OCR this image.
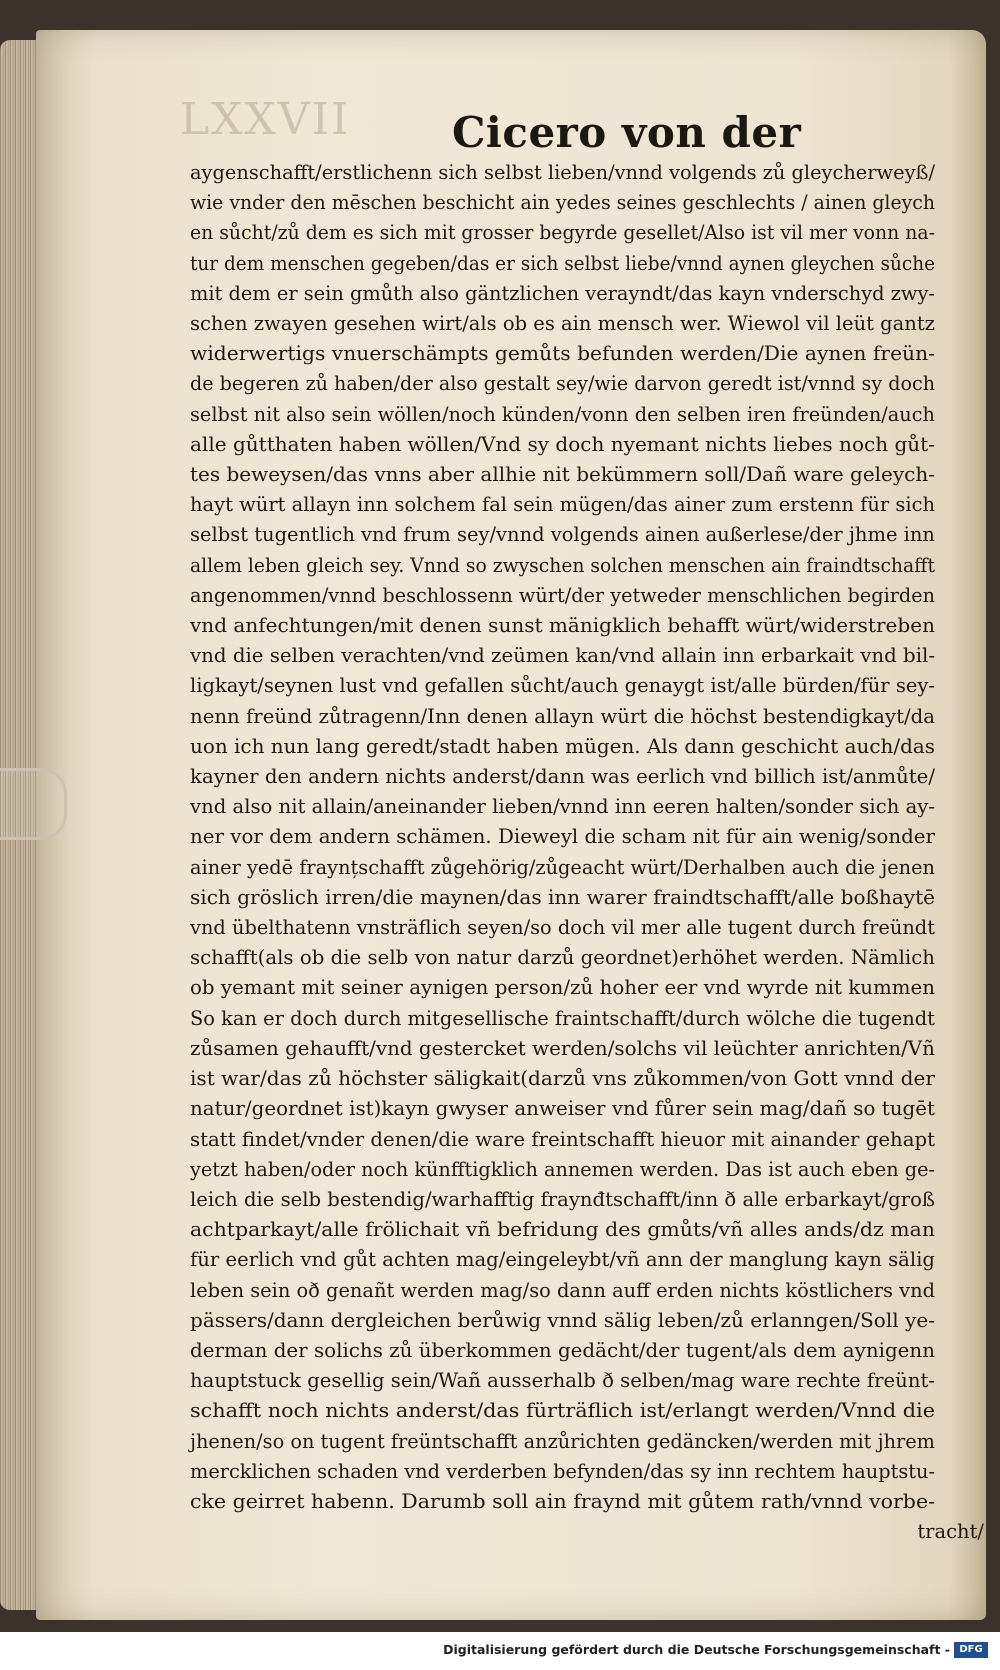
LXXVII Cicero von der
aygenschafft/erstlichenn sich selbst lieben/vnnd volgends zů gleycherweyß/
wie vnder den mēschen beschicht ain yedes seines geschlechts / ainen gleych
en sůcht/zů dem es sich mit grosser begyrde gesellet/Also ist vil mer vonn na-
tur dem menschen gegeben/das er sich selbst liebe/vnnd aynen gleychen sůche
mit dem er sein gmůth also gäntzlichen verayndt/das kayn vnderschyd zwy-
schen zwayen gesehen wirt/als ob es ain mensch wer. Wiewol vil leüt gantz
widerwertigs vnuerschämpts gemůts befunden werden/Die aynen freün-
de begeren zů haben/der also gestalt sey/wie darvon geredt ist/vnnd sy doch
selbst nit also sein wöllen/noch künden/vonn den selben iren freünden/auch
alle gůtthaten haben wöllen/Vnd sy doch nyemant nichts liebes noch gůt-
tes beweysen/das vnns aber allhie nit bekümmern soll/Dañ ware geleych-
hayt würt allayn inn solchem fal sein mügen/das ainer zum erstenn für sich
selbst tugentlich vnd frum sey/vnnd volgends ainen außerlese/der jhme inn
allem leben gleich sey. Vnnd so zwyschen solchen menschen ain fraindtschafft
angenommen/vnnd beschlossenn würt/der yetweder menschlichen begirden
vnd anfechtungen/mit denen sunst mänigklich behafft würt/widerstreben
vnd die selben verachten/vnd zeümen kan/vnd allain inn erbarkait vnd bil-
ligkayt/seynen lust vnd gefallen sůcht/auch genaygt ist/alle bürden/für sey-
nenn freünd zůtragenn/Inn denen allayn würt die höchst bestendigkayt/da
uon ich nun lang geredt/stadt haben mügen. Als dann geschicht auch/das
kayner den andern nichts anderst/dann was eerlich vnd billich ist/anmůte/
vnd also nit allain/aneinander lieben/vnnd inn eeren halten/sonder sich ay-
ner vor dem andern schämen. Dieweyl die scham nit für ain wenig/sonder
ainer yedē fraynțschafft zůgehörig/zůgeacht würt/Derhalben auch die jenen
sich gröslich irren/die maynen/das inn warer fraindtschafft/alle boßhaytē
vnd übelthatenn vnsträflich seyen/so doch vil mer alle tugent durch freündt
schafft(als ob die selb von natur darzů geordnet)erhöhet werden. Nämlich
ob yemant mit seiner aynigen person/zů hoher eer vnd wyrde nit kummen
So kan er doch durch mitgesellische fraintschafft/durch wölche die tugendt
zůsamen gehaufft/vnd gestercket werden/solchs vil leüchter anrichten/Vñ
ist war/das zů höchster säligkait(darzů vns zůkommen/von Gott vnnd der
natur/geordnet ist)kayn gwyser anweiser vnd fůrer sein mag/dañ so tugēt
statt findet/vnder denen/die ware freintschafft hieuor mit ainander gehapt
yetzt haben/oder noch künfftigklich annemen werden. Das ist auch eben ge-
leich die selb bestendig/warhafftig fraynđtschafft/inn ð alle erbarkayt/groß
achtparkayt/alle frölichait vñ befridung des gmůts/vñ alles ands/dz man
für eerlich vnd gůt achten mag/eingeleybt/vñ ann der manglung kayn sälig
leben sein oð genañt werden mag/so dann auff erden nichts köstlichers vnd
pässers/dann dergleichen berůwig vnnd sälig leben/zů erlanngen/Soll ye-
derman der solichs zů überkommen gedächt/der tugent/als dem aynigenn
hauptstuck gesellig sein/Wañ ausserhalb ð selben/mag ware rechte freünt-
schafft noch nichts anderst/das fürträflich ist/erlangt werden/Vnnd die
jhenen/so on tugent freüntschafft anzůrichten gedäncken/werden mit jhrem
mercklichen schaden vnd verderben befynden/das sy inn rechtem hauptstu-
cke geirret habenn. Darumb soll ain fraynd mit gůtem rath/vnnd vorbe-
tracht/
Digitalisierung gefördert durch die Deutsche Forschungsgemeinschaft - DFG
